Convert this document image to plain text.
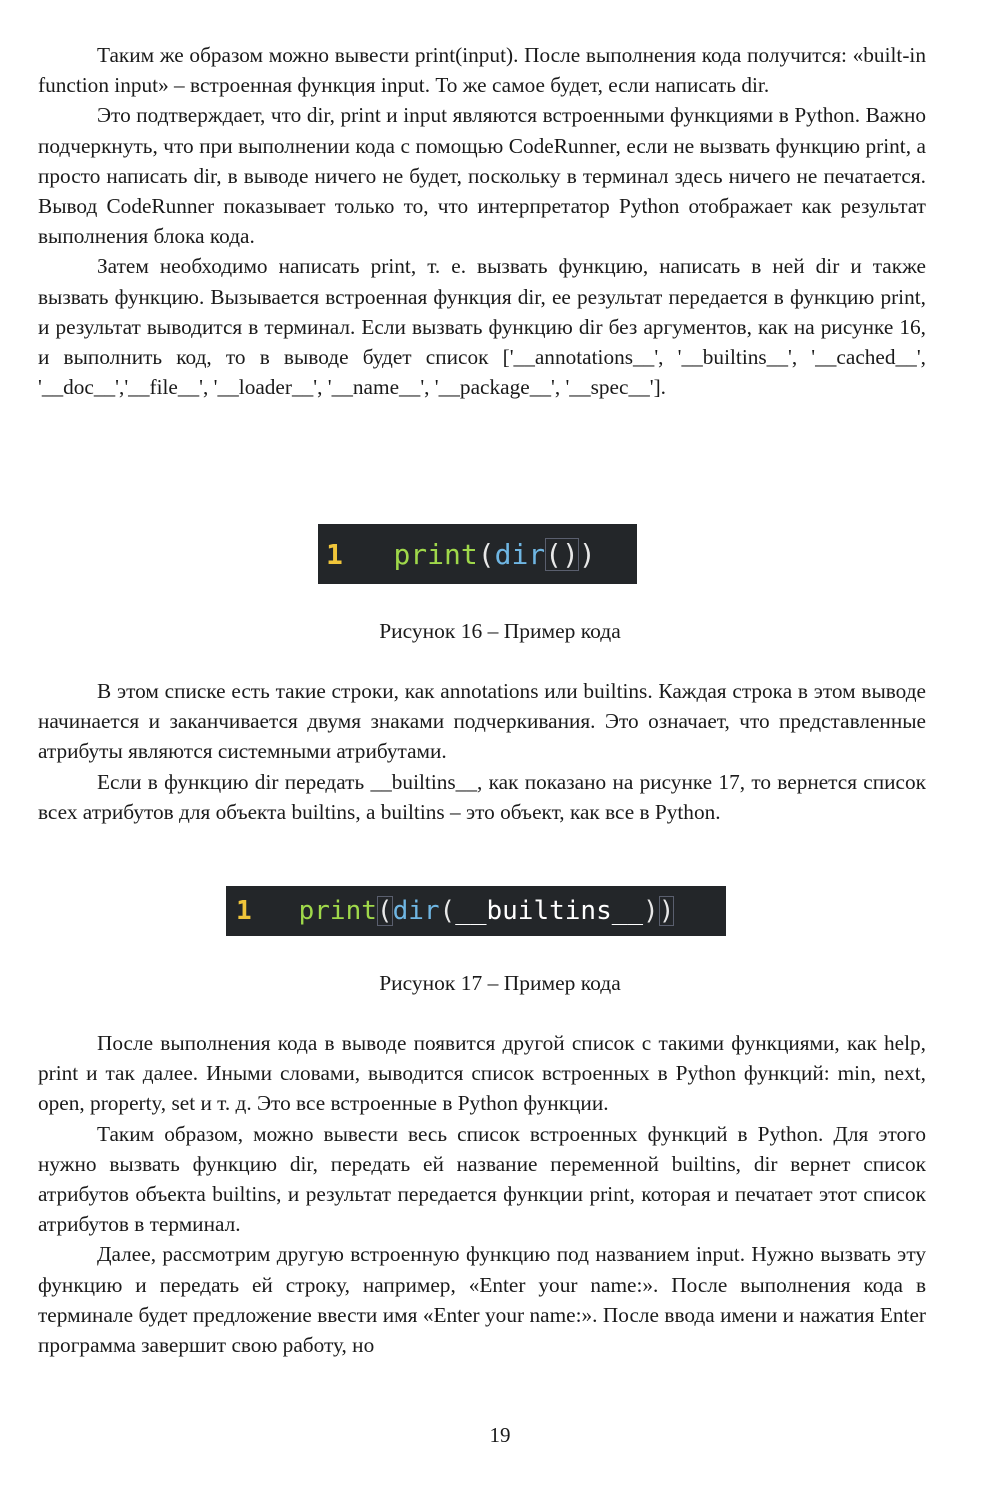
Таким же образом можно вывести print(input). После выполнения кода получится: «built-in function input» – встроенная функция input. То же самое будет, если написать dir.

Это подтверждает, что dir, print и input являются встроенными функциями в Python. Важно подчеркнуть, что при выполнении кода с помощью CodeRunner, если не вызвать функцию print, а просто написать dir, в выводе ничего не будет, поскольку в терминал здесь ничего не печатается. Вывод CodeRunner показывает только то, что интерпретатор Python отображает как результат выполнения блока кода.

Затем необходимо написать print, т. е. вызвать функцию, написать в ней dir и также вызвать функцию. Вызывается встроенная функция dir, ее результат передается в функцию print, и результат выводится в терминал. Если вызвать функцию dir без аргументов, как на рисунке 16, и выполнить код, то в выводе будет список ['__annotations__', '__builtins__', '__cached__', '__doc__','__file__', '__loader__', '__name__', '__package__', '__spec__'].

1
print ( dir () )

Рисунок 16 – Пример кода

В этом списке есть такие строки, как annotations или builtins. Каждая строка в этом выводе начинается и заканчивается двумя знаками подчеркивания. Это означает, что представленные атрибуты являются системными атрибутами.

Если в функцию dir передать __builtins__, как показано на рисунке 17, то вернется список всех атрибутов для объекта builtins, а builtins – это объект, как все в Python.

1
print ( dir ( __builtins__ ) )

Рисунок 17 – Пример кода

После выполнения кода в выводе появится другой список с такими функциями, как help, print и так далее. Иными словами, выводится список встроенных в Python функций: min, next, open, property, set и т. д. Это все встроенные в Python функции.

Таким образом, можно вывести весь список встроенных функций в Python. Для этого нужно вызвать функцию dir, передать ей название переменной builtins, dir вернет список атрибутов объекта builtins, и результат передается функции print, которая и печатает этот список атрибутов в терминал.

Далее, рассмотрим другую встроенную функцию под названием input. Нужно вызвать эту функцию и передать ей строку, например, «Enter your name:». После выполнения кода в терминале будет предложение ввести имя «Enter your name:». После ввода имени и нажатия Enter программа завершит свою работу, но

19
